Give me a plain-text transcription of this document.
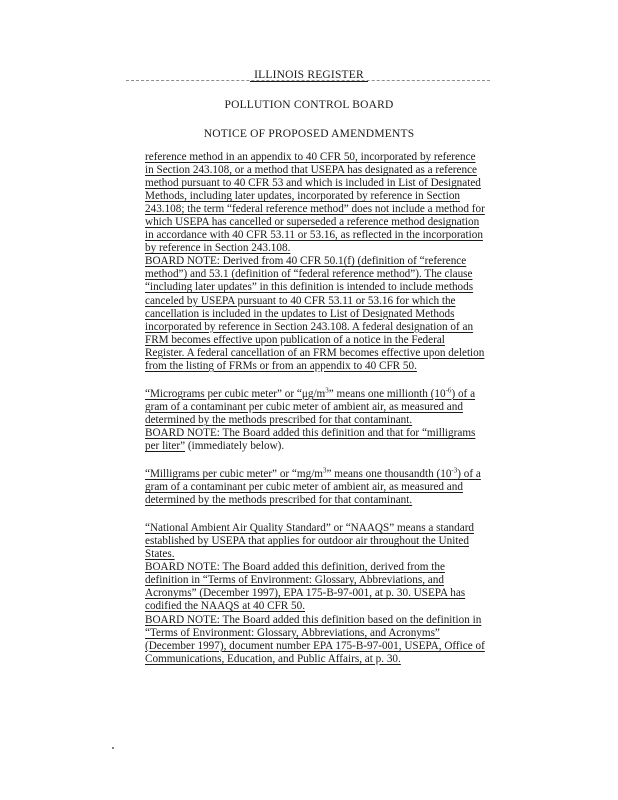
ILLINOIS REGISTER
POLLUTION CONTROL BOARD
NOTICE OF PROPOSED AMENDMENTS

reference method in an appendix to 40 CFR 50, incorporated by reference in Section 243.108, or a method that USEPA has designated as a reference method pursuant to 40 CFR 53 and which is included in List of Designated Methods, including later updates, incorporated by reference in Section 243.108; the term “federal reference method” does not include a method for which USEPA has cancelled or superseded a reference method designation in accordance with 40 CFR 53.11 or 53.16, as reflected in the incorporation by reference in Section 243.108.

BOARD NOTE: Derived from 40 CFR 50.1(f) (definition of “reference method”) and 53.1 (definition of “federal reference method”). The clause “including later updates” in this definition is intended to include methods canceled by USEPA pursuant to 40 CFR 53.11 or 53.16 for which the cancellation is included in the updates to List of Designated Methods incorporated by reference in Section 243.108. A federal designation of an FRM becomes effective upon publication of a notice in the Federal Register. A federal cancellation of an FRM becomes effective upon deletion from the listing of FRMs or from an appendix to 40 CFR 50.

“Micrograms per cubic meter” or “$\mu g/m^3$” means one millionth $(10^{-6})$ of a gram of a contaminant per cubic meter of ambient air, as measured and determined by the methods prescribed for that contaminant.

BOARD NOTE: The Board added this definition and that for “milligrams per liter” (immediately below).

“Milligrams per cubic meter” or “$mg/m^3$” means one thousandth $(10^{-3})$ of a gram of a contaminant per cubic meter of ambient air, as measured and determined by the methods prescribed for that contaminant.

“National Ambient Air Quality Standard” or “NAAQS” means a standard established by USEPA that applies for outdoor air throughout the United States.

BOARD NOTE: The Board added this definition, derived from the definition in “Terms of Environment: Glossary, Abbreviations, and Acronyms” (December 1997), EPA 175-B-97-001, at p. 30. USEPA has codified the NAAQS at 40 CFR 50.

BOARD NOTE: The Board added this definition based on the definition in “Terms of Environment: Glossary, Abbreviations, and Acronyms” (December 1997), document number EPA 175-B-97-001, USEPA, Office of Communications, Education, and Public Affairs, at p. 30.
